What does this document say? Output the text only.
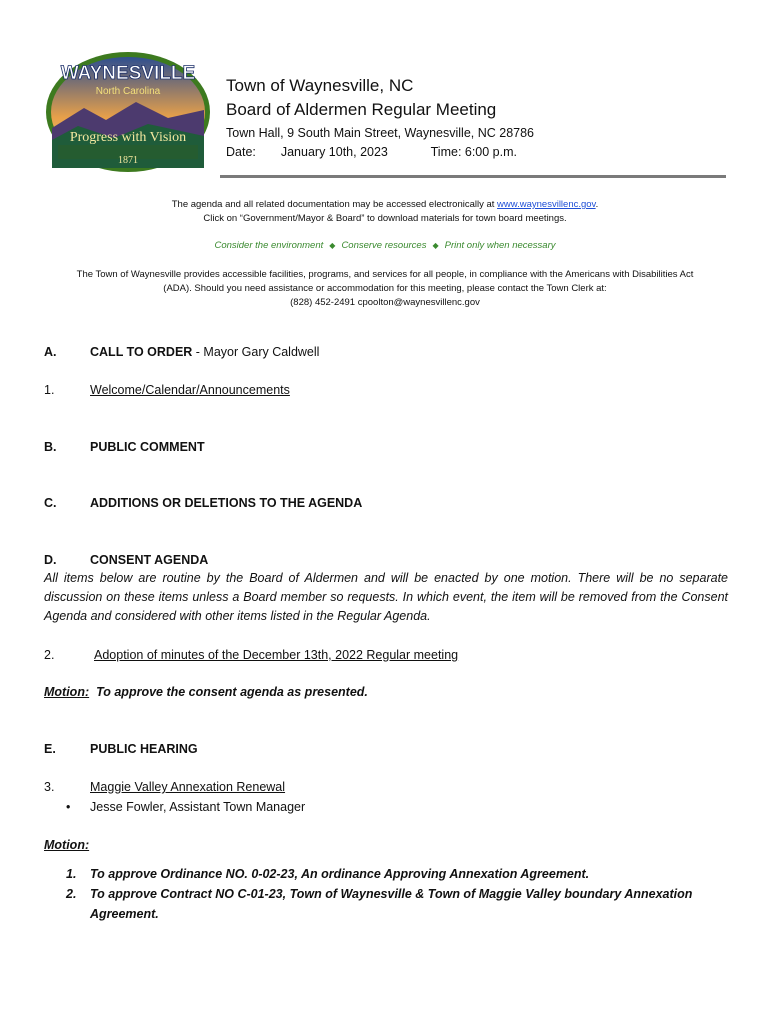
WAYNESVILLE
North Carolina
Progress with Vision
1871
Town of Waynesville, NC
Board of Aldermen Regular Meeting
Town Hall, 9 South Main Street, Waynesville, NC 28786
Date: January 10th, 2023	Time: 6:00 p.m.
The agenda and all related documentation may be accessed electronically at www.waynesvillenc.gov.
Click on “Government/Mayor & Board” to download materials for town board meetings.
Consider the environment ◆ Conserve resources ◆ Print only when necessary
The Town of Waynesville provides accessible facilities, programs, and services for all people, in compliance with the Americans with Disabilities Act
(ADA). Should you need assistance or accommodation for this meeting, please contact the Town Clerk at:
(828) 452-2491 cpoolton@waynesvillenc.gov
A.	CALL TO ORDER - Mayor Gary Caldwell
1.	Welcome/Calendar/Announcements
B.	PUBLIC COMMENT
C.	ADDITIONS OR DELETIONS TO THE AGENDA
D.	CONSENT AGENDA
All items below are routine by the Board of Aldermen and will be enacted by one motion. There will be no separate discussion on these items unless a Board member so requests. In which event, the item will be removed from the Consent Agenda and considered with other items listed in the Regular Agenda.
2.	Adoption of minutes of the December 13th, 2022 Regular meeting
Motion:  To approve the consent agenda as presented.
E.	PUBLIC HEARING
3.	Maggie Valley Annexation Renewal
• Jesse Fowler, Assistant Town Manager
Motion:
1.	To approve Ordinance NO. 0-02-23, An ordinance Approving Annexation Agreement.
2.	To approve Contract NO C-01-23, Town of Waynesville & Town of Maggie Valley boundary Annexation Agreement.
